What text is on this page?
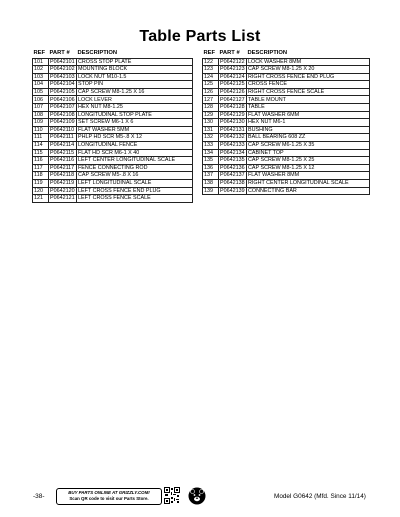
Table Parts List
REF	PART #	DESCRIPTION
101	P0642101	CROSS STOP PLATE
102	P0642102	MOUNTING BLOCK
103	P0642103	LOCK NUT M10-1.5
104	P0642104	STOP PIN
105	P0642105	CAP SCREW M8-1.25 X 16
106	P0642106	LOCK LEVER
107	P0642107	HEX NUT M8-1.25
108	P0642108	LONGITUDINAL STOP PLATE
109	P0642109	SET SCREW M6-1 X 6
110	P0642110	FLAT WASHER 5MM
111	P0642111	PHLP HD SCR M5-.8 X 12
114	P0642114	LONGITUDINAL FENCE
115	P0642115	FLAT HD SCR M6-1 X 40
116	P0642116	LEFT CENTER LONGITUDINAL SCALE
117	P0642117	FENCE CONNECTING ROD
118	P0642118	CAP SCREW M5-.8 X 16
119	P0642119	LEFT LONGITUDINAL SCALE
120	P0642120	LEFT CROSS FENCE END PLUG
121	P0642121	LEFT CROSS FENCE SCALE
REF	PART #	DESCRIPTION
122	P0642122	LOCK WASHER 8MM
123	P0642123	CAP SCREW M8-1.25 X 20
124	P0642124	RIGHT CROSS FENCE END PLUG
125	P0642125	CROSS FENCE
126	P0642126	RIGHT CROSS FENCE SCALE
127	P0642127	TABLE MOUNT
128	P0642128	TABLE
129	P0642129	FLAT WASHER 6MM
130	P0642130	HEX NUT M6-1
131	P0642131	BUSHING
132	P0642132	BALL BEARING 608 ZZ
133	P0642133	CAP SCREW M6-1.25 X 35
134	P0642134	CABINET TOP
135	P0642135	CAP SCREW M8-1.25 X 25
136	P0642136	CAP SCREW M8-1.25 X 12
137	P0642137	FLAT WASHER 8MM
138	P0642138	RIGHT CENTER LONGITUDINAL SCALE
139	P0642139	CONNECTING BAR
-38-
BUY PARTS ONLINE AT GRIZZLY.COM!
Scan QR code to visit our Parts Store.	Model G0642 (Mfd. Since 11/14)
